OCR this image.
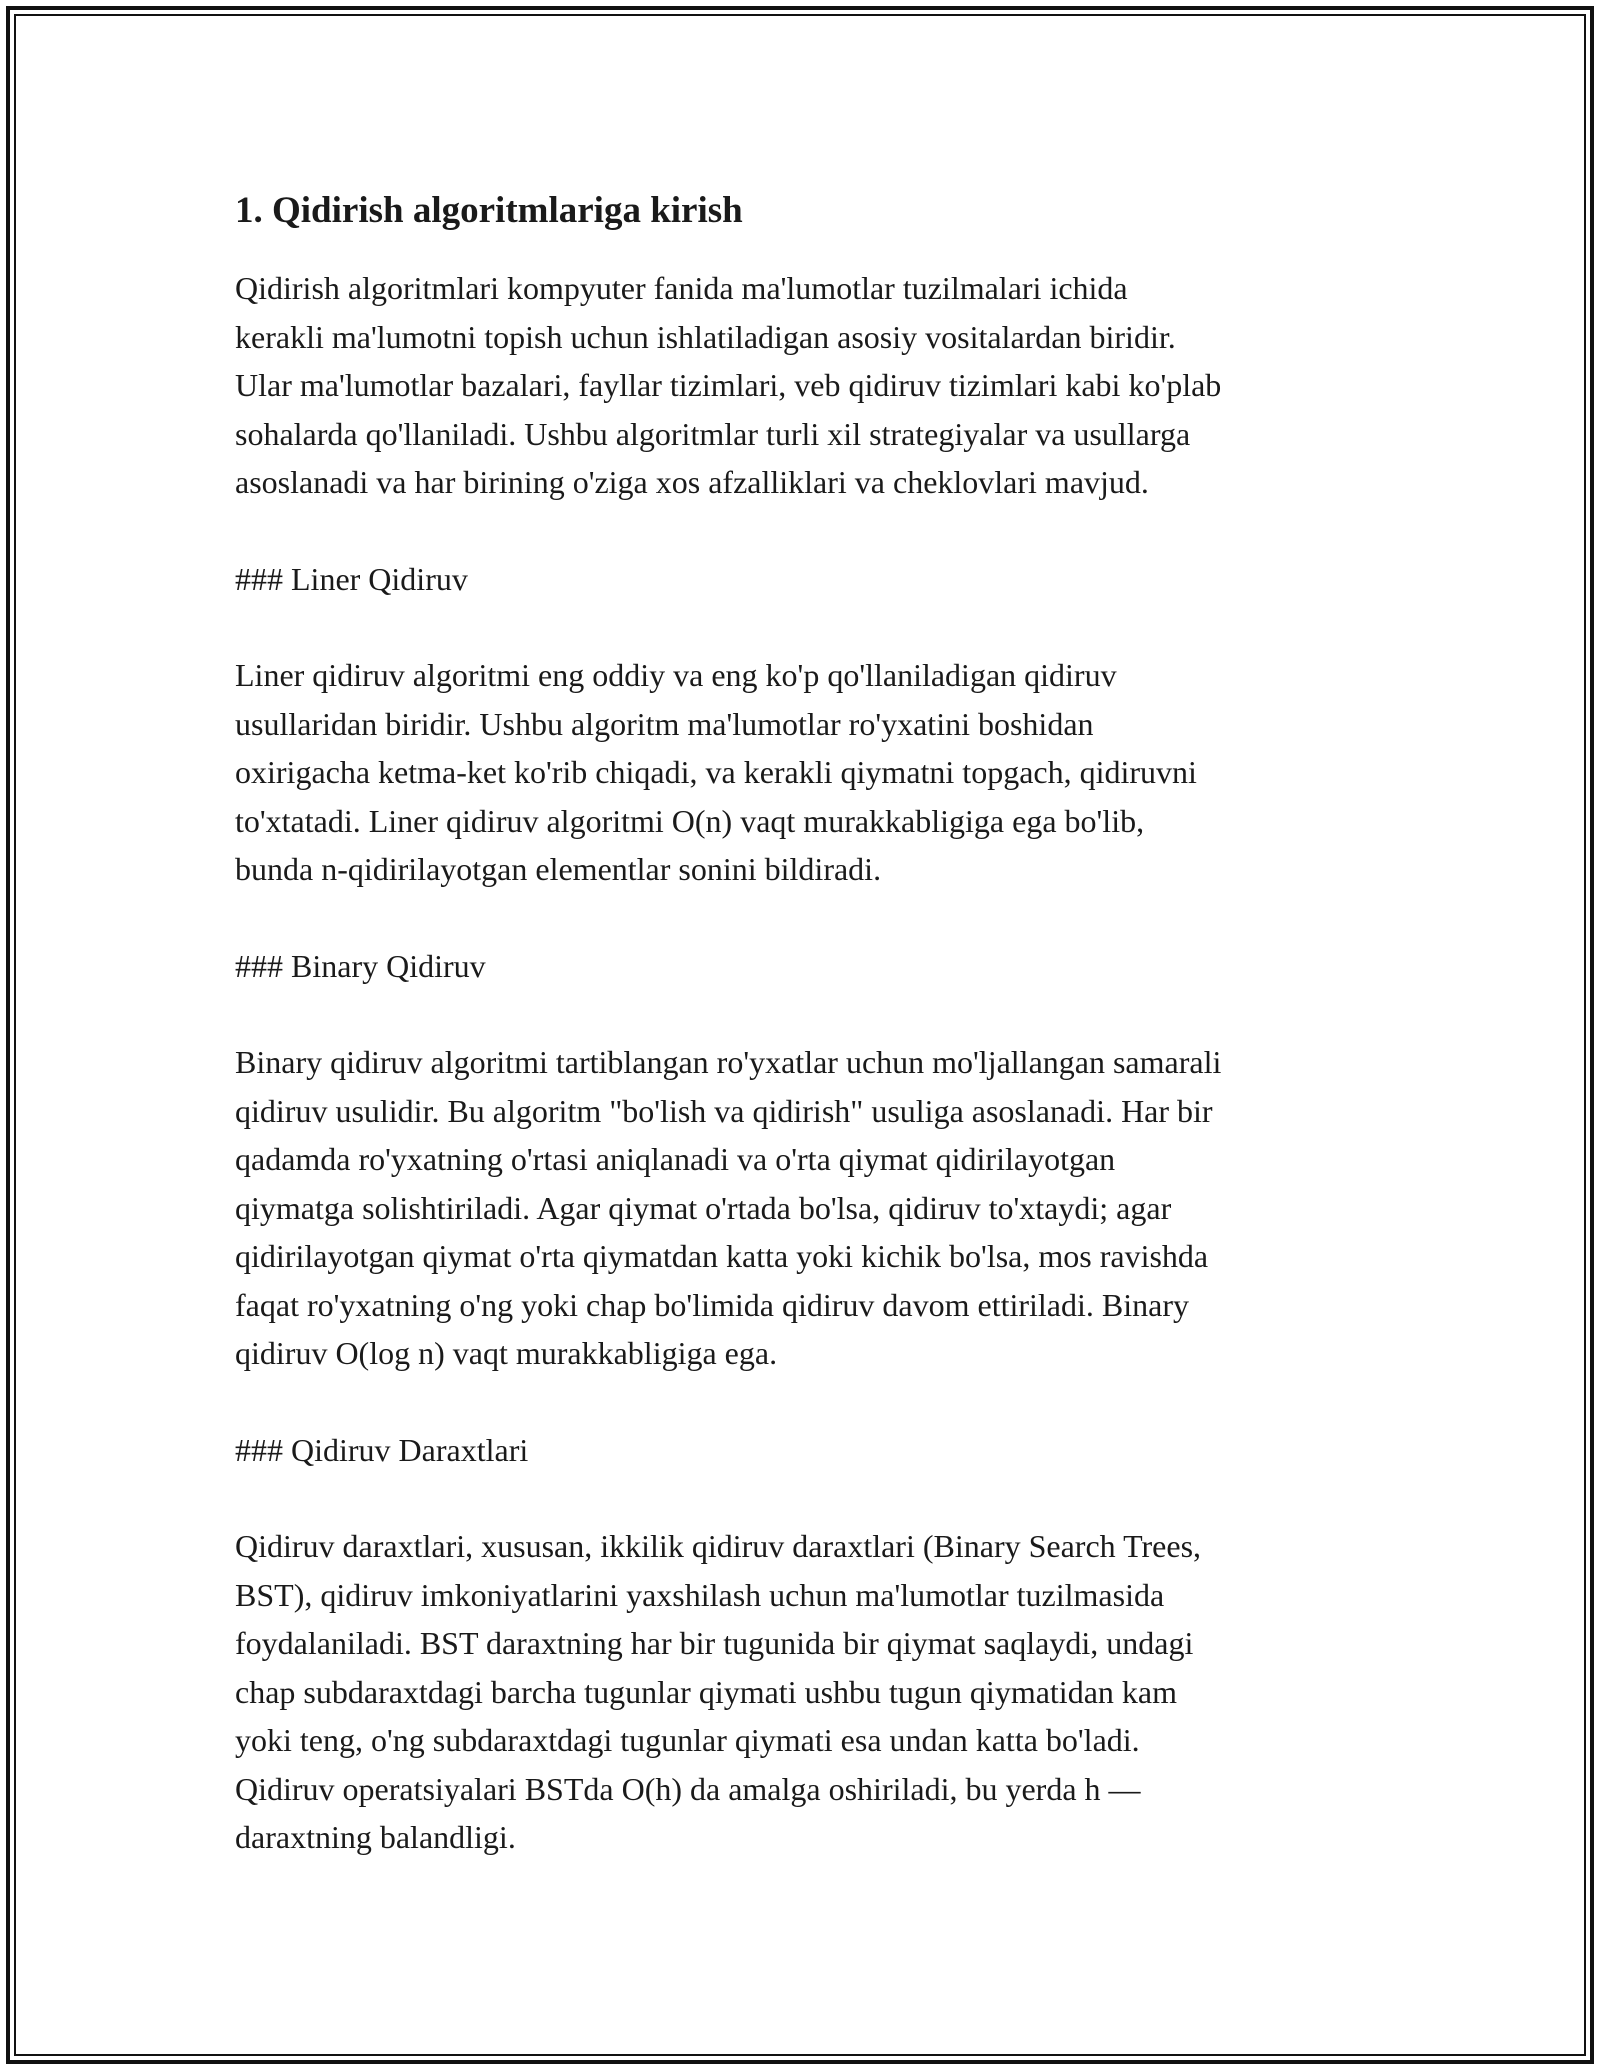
1. Qidirish algoritmlariga kirish

Qidirish algoritmlari kompyuter fanida ma'lumotlar tuzilmalari ichida
kerakli ma'lumotni topish uchun ishlatiladigan asosiy vositalardan biridir.
Ular ma'lumotlar bazalari, fayllar tizimlari, veb qidiruv tizimlari kabi ko'plab
sohalarda qo'llaniladi. Ushbu algoritmlar turli xil strategiyalar va usullarga
asoslanadi va har birining o'ziga xos afzalliklari va cheklovlari mavjud.

### Liner Qidiruv

Liner qidiruv algoritmi eng oddiy va eng ko'p qo'llaniladigan qidiruv
usullaridan biridir. Ushbu algoritm ma'lumotlar ro'yxatini boshidan
oxirigacha ketma-ket ko'rib chiqadi, va kerakli qiymatni topgach, qidiruvni
to'xtatadi. Liner qidiruv algoritmi O(n) vaqt murakkabligiga ega bo'lib,
bunda n-qidirilayotgan elementlar sonini bildiradi.

### Binary Qidiruv

Binary qidiruv algoritmi tartiblangan ro'yxatlar uchun mo'ljallangan samarali
qidiruv usulidir. Bu algoritm "bo'lish va qidirish" usuliga asoslanadi. Har bir
qadamda ro'yxatning o'rtasi aniqlanadi va o'rta qiymat qidirilayotgan
qiymatga solishtiriladi. Agar qiymat o'rtada bo'lsa, qidiruv to'xtaydi; agar
qidirilayotgan qiymat o'rta qiymatdan katta yoki kichik bo'lsa, mos ravishda
faqat ro'yxatning o'ng yoki chap bo'limida qidiruv davom ettiriladi. Binary
qidiruv O(log n) vaqt murakkabligiga ega.

### Qidiruv Daraxtlari

Qidiruv daraxtlari, xususan, ikkilik qidiruv daraxtlari (Binary Search Trees,
BST), qidiruv imkoniyatlarini yaxshilash uchun ma'lumotlar tuzilmasida
foydalaniladi. BST daraxtning har bir tugunida bir qiymat saqlaydi, undagi
chap subdaraxtdagi barcha tugunlar qiymati ushbu tugun qiymatidan kam
yoki teng, o'ng subdaraxtdagi tugunlar qiymati esa undan katta bo'ladi.
Qidiruv operatsiyalari BSTda O(h) da amalga oshiriladi, bu yerda h —
daraxtning balandligi.
